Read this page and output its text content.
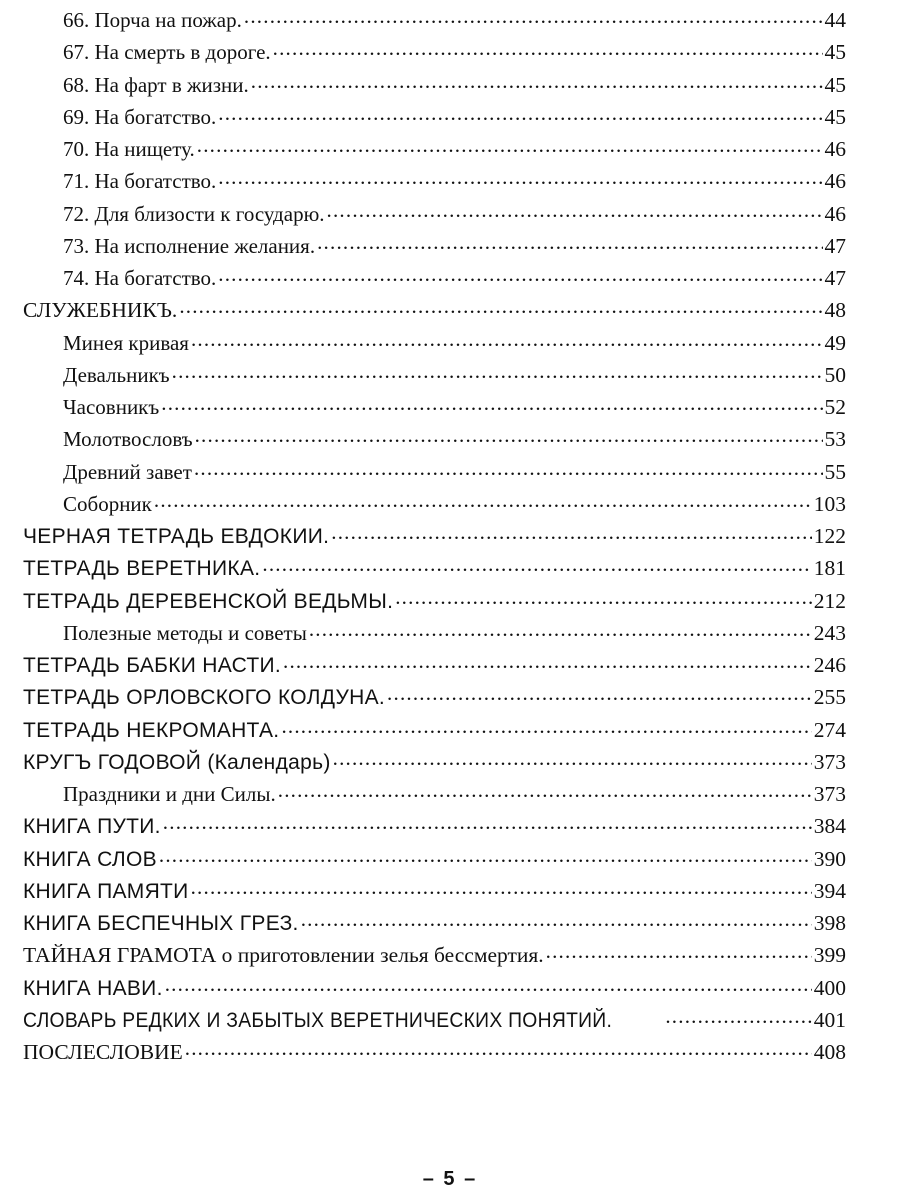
66. Порча на пожар. .....	44
67. На смерть в дороге. .....	45
68. На фарт в жизни. .....	45
69. На богатство. .....	45
70. На нищету. .....	46
71. На богатство. .....	46
72. Для близости к государю. .....	46
73. На исполнение желания. .....	47
74. На богатство. .....	47
СЛУЖЕБНИКЪ. .....	48
Минея кривая .....	49
Девальникъ .....	50
Часовникъ .....	52
Молотвословъ .....	53
Древний завет .....	55
Соборник .....	103
ЧЕРНАЯ ТЕТРАДЬ ЕВДОКИИ. .....	122
ТЕТРАДЬ ВЕРЕТНИКА. .....	181
ТЕТРАДЬ ДЕРЕВЕНСКОЙ ВЕДЬМЫ. .....	212
Полезные методы и советы .....	243
ТЕТРАДЬ БАБКИ НАСТИ. .....	246
ТЕТРАДЬ ОРЛОВСКОГО КОЛДУНА. .....	255
ТЕТРАДЬ НЕКРОМАНТА. .....	274
КРУГЪ ГОДОВОЙ (Календарь) .....	373
Праздники и дни Силы. .....	373
КНИГА ПУТИ. .....	384
КНИГА СЛОВ .....	390
КНИГА ПАМЯТИ .....	394
КНИГА БЕСПЕЧНЫХ ГРЕЗ. .....	398
ТАЙНАЯ ГРАМОТА о приготовлении зелья бессмертия. .....	399
КНИГА НАВИ. .....	400
СЛОВАРЬ РЕДКИХ И ЗАБЫТЫХ ВЕРЕТНИЧЕСКИХ ПОНЯТИЙ. .....	401
ПОСЛЕСЛОВИЕ .....	408
– 5 –
